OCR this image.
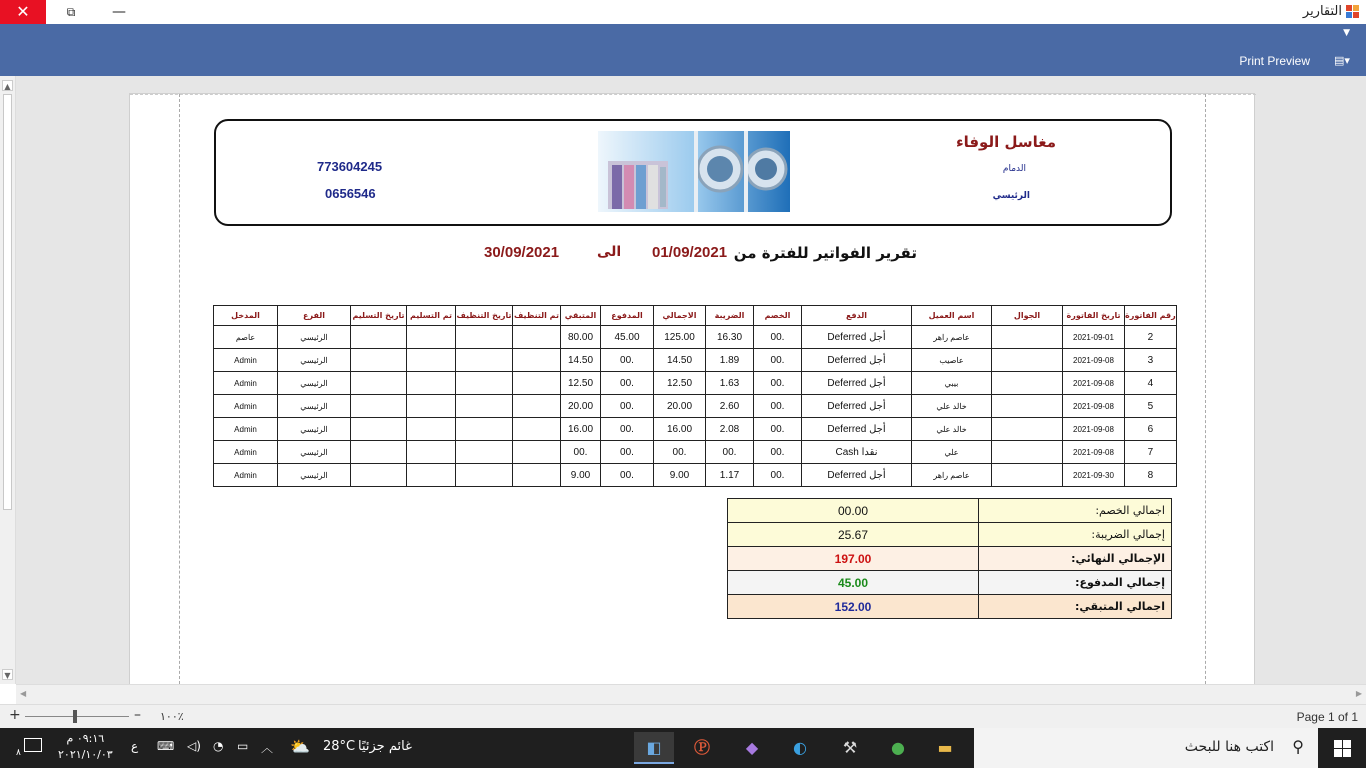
✕	⧉	—	التقارير
▼
Print Preview ▤▾
▲
▼
مغاسل الوفاء
الدمام
الرئيسي
773604245
0656546
تقرير الفواتير للفترة من
01/09/2021
الى
30/09/2021
رقم الفاتورة	تاريخ الفاتورة	الجوال	اسم العميل	الدفع	الخصم	الضريبة	الاجمالي	المدفوع	المتبقي	تم التنظيف	تاريخ التنظيف	تم التسليم	تاريخ التسليم	الفرع	المدخل
2	2021-09-01		عاصم راهر	أجل Deferred	.00	16.30	125.00	45.00	80.00					الرئيسي	عاصم
3	2021-09-08		عاصيب	أجل Deferred	.00	1.89	14.50	.00	14.50					الرئيسي	Admin
4	2021-09-08		بيبي	أجل Deferred	.00	1.63	12.50	.00	12.50					الرئيسي	Admin
5	2021-09-08		خالد علي	أجل Deferred	.00	2.60	20.00	.00	20.00					الرئيسي	Admin
6	2021-09-08		خالد علي	أجل Deferred	.00	2.08	16.00	.00	16.00					الرئيسي	Admin
7	2021-09-08		علي	نقدا Cash	.00	.00	.00	.00	.00					الرئيسي	Admin
8	2021-09-30		عاصم راهر	أجل Deferred	.00	1.17	9.00	.00	9.00					الرئيسي	Admin
اجمالي الخصم:	00.00
إجمالي الضريبة:	25.67
الإجمالي النهائي:	197.00
إجمالي المدفوع:	45.00
اجمالي المتبقي:	152.00
◀	▶
+	– ١٠٠٪	Page 1 of 1
اكتب هنا للبحث ⚲
▬
●
⚒
◐
◆
Ⓟ
◧
غائم جزئيًا
28°C
⛅
︿
▭
◔
◁)
⌨
ع
٠٩:١٦ م
٢٠٢١/١٠/٠٣
٨
